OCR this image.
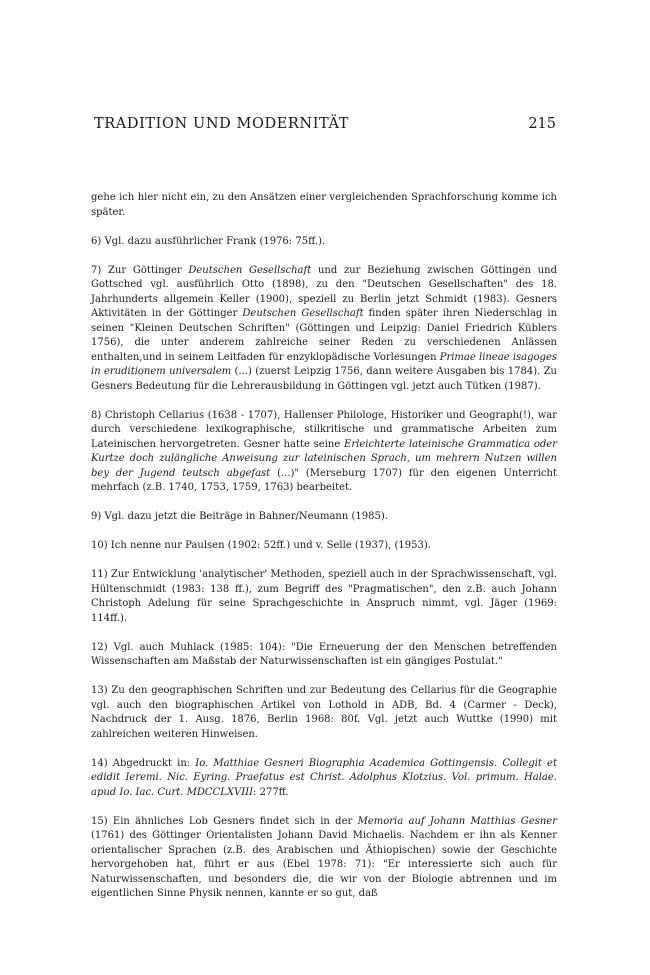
TRADITION UND MODERNITÄT	215

gehe ich hier nicht ein, zu den Ansätzen einer vergleichenden Sprachforschung komme ich später.

6) Vgl. dazu ausführlicher Frank (1976: 75ff.).

7) Zur Göttinger Deutschen Gesellschaft und zur Beziehung zwischen Göttingen und Gottsched vgl. ausführlich Otto (1898), zu den "Deutschen Gesellschaften" des 18. Jahrhunderts allgemein Keller (1900), speziell zu Berlin jetzt Schmidt (1983). Gesners Aktivitäten in der Göttinger Deutschen Gesellschaft finden später ihren Niederschlag in seinen "Kleinen Deutschen Schriften" (Göttingen und Leipzig: Daniel Friedrich Küblers 1756), die unter anderem zahlreiche seiner Reden zu verschiedenen Anlässen enthalten,und in seinem Leitfaden für enzyklopädische Vorlesungen Primae lineae isagoges in eruditionem universalem (...) (zuerst Leipzig 1756, dann weitere Ausgaben bis 1784). Zu Gesners Bedeutung für die Lehrerausbildung in Göttingen vgl. jetzt auch Tütken (1987).

8) Christoph Cellarius (1638 - 1707), Hallenser Philologe, Historiker und Geograph(!), war durch verschiedene lexikographische, stilkritische und grammatische Arbeiten zum Lateinischen hervorgetreten. Gesner hatte seine Erleichterte lateinische Grammatica oder Kurtze doch zulängliche Anweisung zur lateinischen Sprach, um mehrern Nutzen willen bey der Jugend teutsch abgefast (...)" (Merseburg 1707) für den eigenen Unterricht mehrfach (z.B. 1740, 1753, 1759, 1763) bearbeitet.

9) Vgl. dazu jetzt die Beiträge in Bahner/Neumann (1985).

10) Ich nenne nur Paulsen (1902: 52ff.) und v. Selle (1937), (1953).

11) Zur Entwicklung 'analytischer' Methoden, speziell auch in der Sprachwissenschaft, vgl. Hültenschmidt (1983: 138 ff.), zum Begriff des "Pragmatischen", den z.B. auch Johann Christoph Adelung für seine Sprachgeschichte in Anspruch nimmt, vgl. Jäger (1969: 114ff.).

12) Vgl. auch Muhlack (1985: 104): "Die Erneuerung der den Menschen betreffenden Wissenschaften am Maßstab der Naturwissenschaften ist ein gängiges Postulat."

13) Zu den geographischen Schriften und zur Bedeutung des Cellarius für die Geographie vgl. auch den biographischen Artikel von Lothold in ADB, Bd. 4 (Carmer - Deck), Nachdruck der 1. Ausg. 1876, Berlin 1968: 80f. Vgl. jetzt auch Wuttke (1990) mit zahlreichen weiteren Hinweisen.

14) Abgedruckt in: Io. Matthiae Gesneri Biographia Academica Gottingensis. Collegit et edidit Ieremi. Nic. Eyring. Praefatus est Christ. Adolphus Klotzius. Vol. primum. Halae. apud Io. Iac. Curt. MDCCLXVIII: 277ff.

15) Ein ähnliches Lob Gesners findet sich in der Memoria auf Johann Matthias Gesner (1761) des Göttinger Orientalisten Johann David Michaelis. Nachdem er ihn als Kenner orientalischer Sprachen (z.B. des Arabischen und Äthiopischen) sowie der Geschichte hervorgehoben hat, führt er aus (Ebel 1978: 71): "Er interessierte sich auch für Naturwissenschaften, und besonders die, die wir von der Biologie abtrennen und im eigentlichen Sinne Physik nennen, kannte er so gut, daß
